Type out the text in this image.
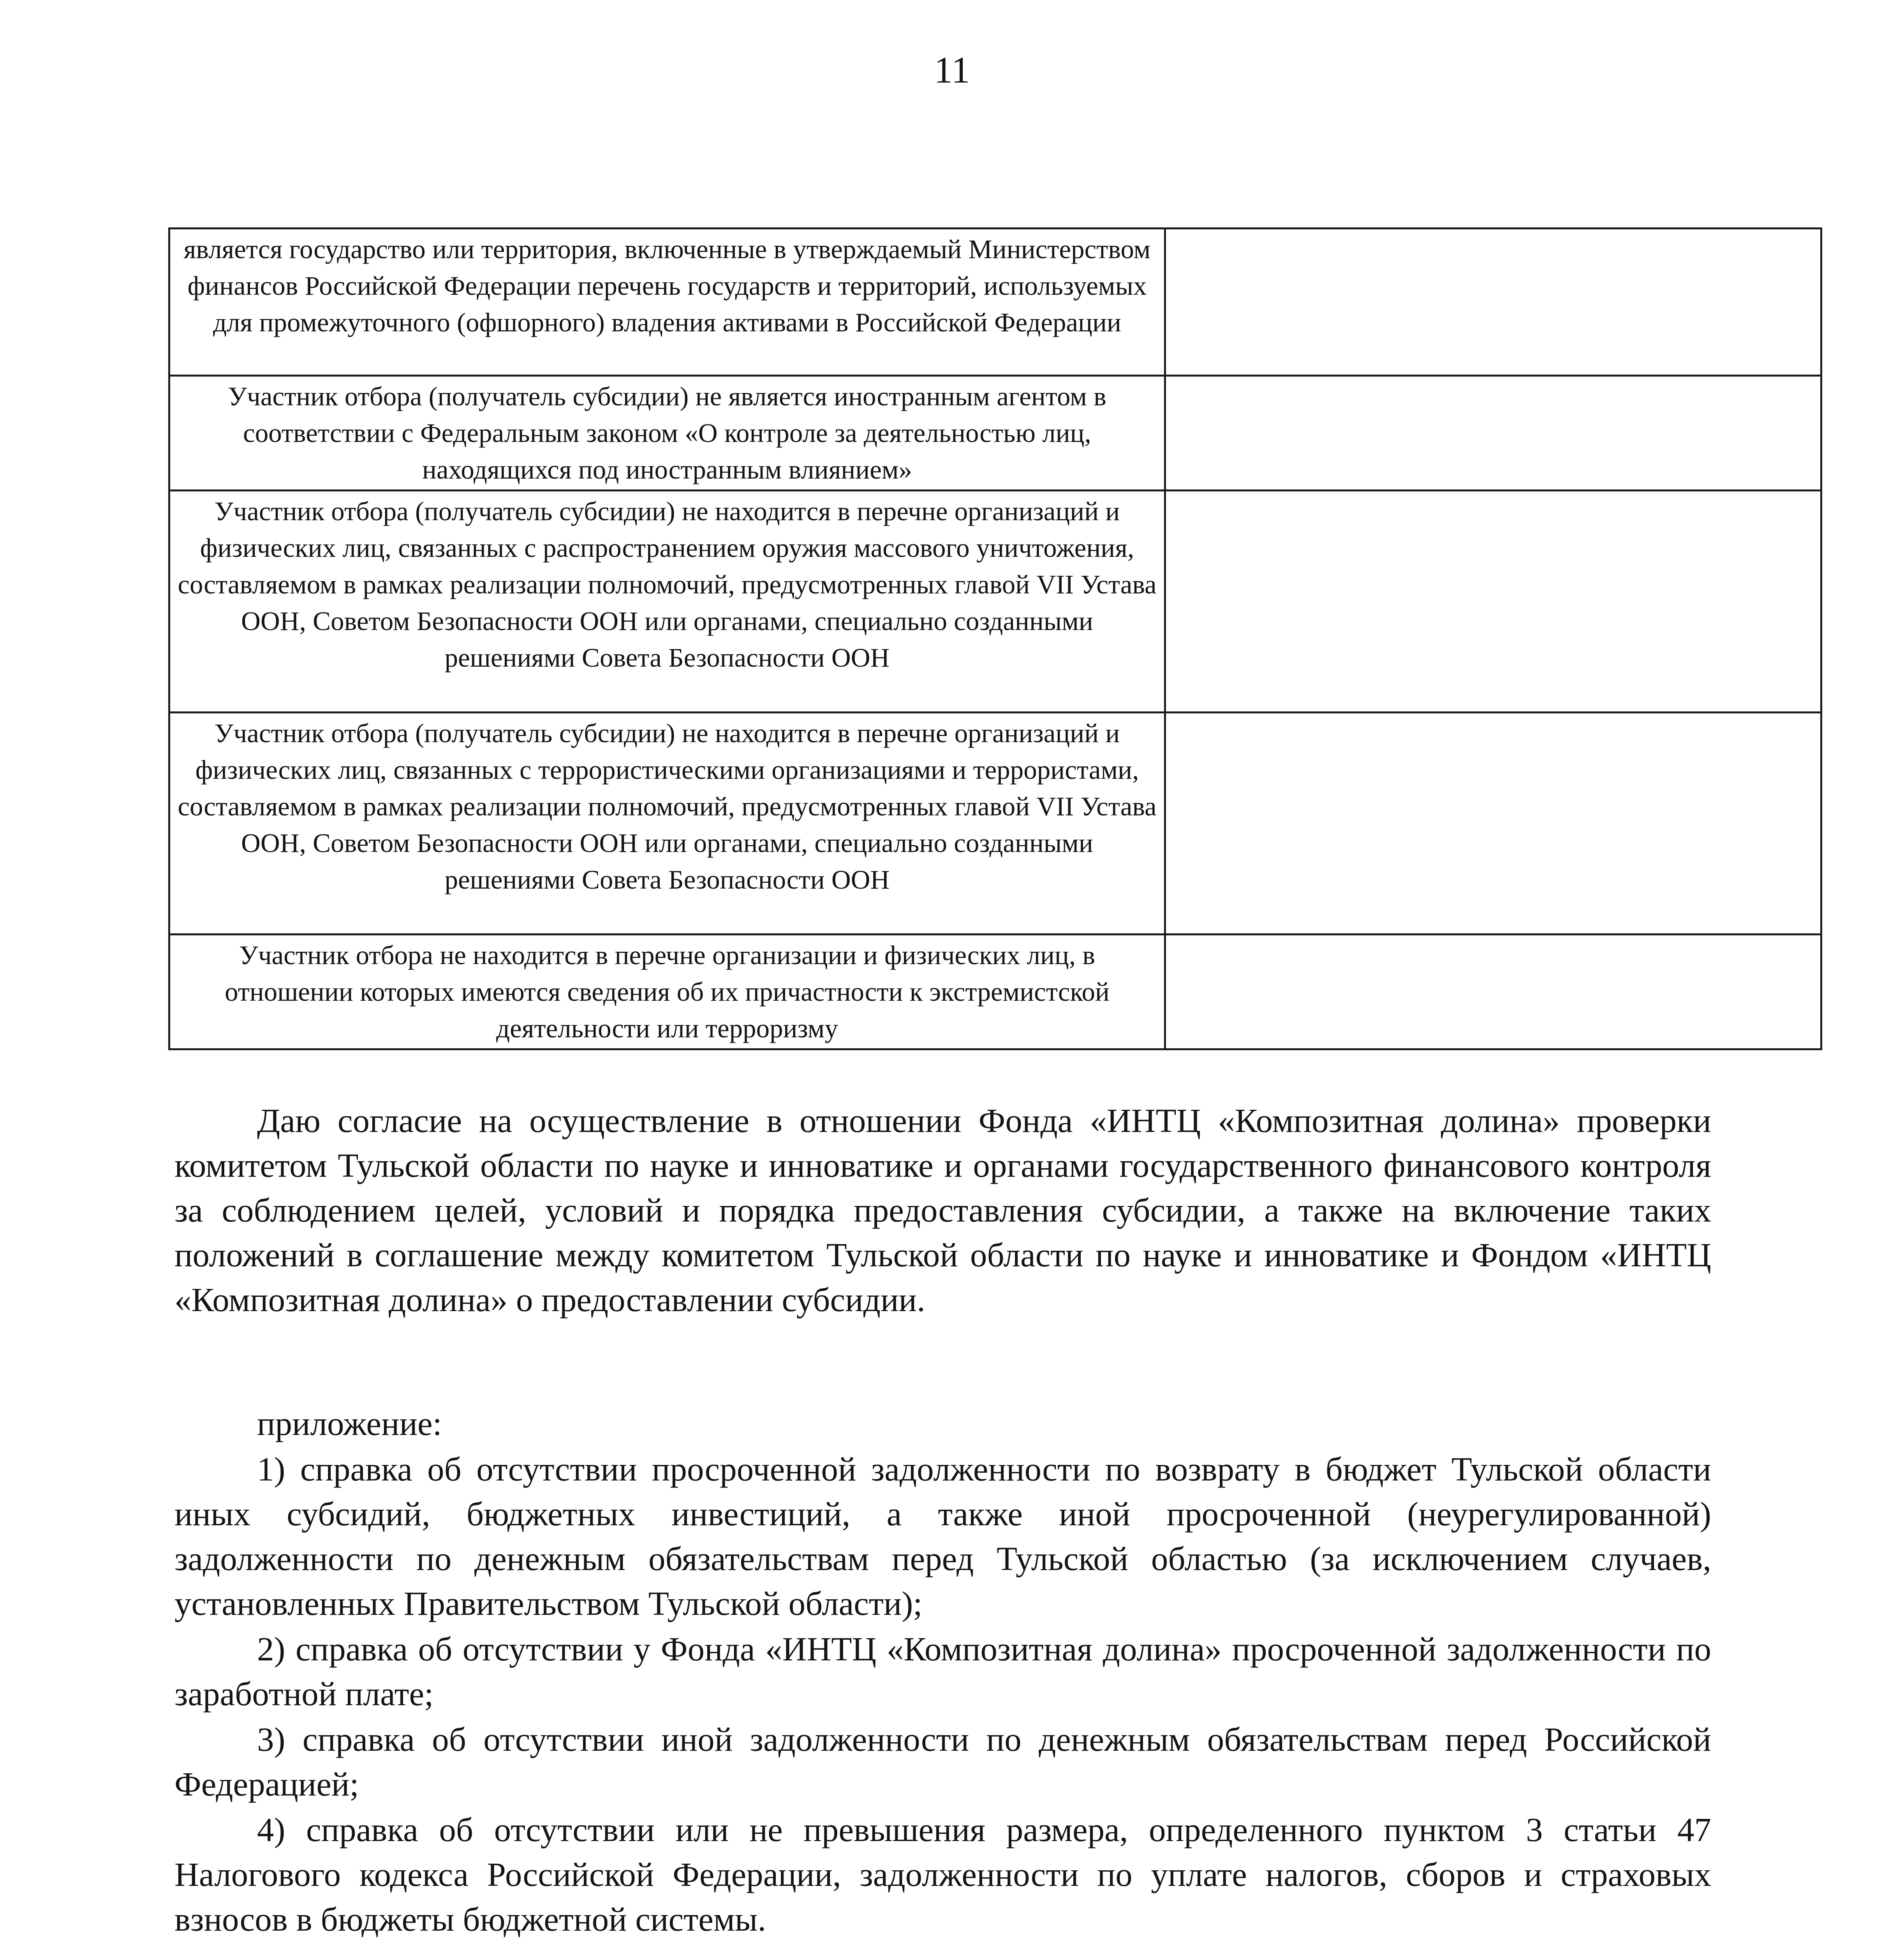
11
является государство или территория, включенные в утверждаемый Министерством финансов Российской Федерации перечень государств и территорий, используемых для промежуточного (офшорного) владения активами в Российской Федерации	
Участник отбора (получатель субсидии) не является иностранным агентом в соответствии с Федеральным законом «О контроле за деятельностью лиц, находящихся под иностранным влиянием»	
Участник отбора (получатель субсидии) не находится в перечне организаций и физических лиц, связанных с распространением оружия массового уничтожения, составляемом в рамках реализации полномочий, предусмотренных главой VII Устава ООН, Советом Безопасности ООН или органами, специально созданными решениями Совета Безопасности ООН	
Участник отбора (получатель субсидии) не находится в перечне организаций и физических лиц, связанных с террористическими организациями и террористами, составляемом в рамках реализации полномочий, предусмотренных главой VII Устава ООН, Советом Безопасности ООН или органами, специально созданными решениями Совета Безопасности ООН	
Участник отбора не находится в перечне организации и физических лиц, в отношении которых имеются сведения об их причастности к экстремистской деятельности или терроризму	

Даю согласие на осуществление в отношении Фонда «ИНТЦ «Композитная долина» проверки комитетом Тульской области по науке и инноватике и органами государственного финансового контроля за соблюдением целей, условий и порядка предоставления субсидии, а также на включение таких положений в соглашение между комитетом Тульской области по науке и инноватике и Фондом «ИНТЦ «Композитная долина» о предоставлении субсидии.

приложение:

1) справка об отсутствии просроченной задолженности по возврату в бюджет Тульской области иных субсидий, бюджетных инвестиций, а также иной просроченной (неурегулированной) задолженности по денежным обязательствам перед Тульской областью (за исключением случаев, установленных Правительством Тульской области);

2) справка об отсутствии у Фонда «ИНТЦ «Композитная долина» просроченной задолженности по заработной плате;

3) справка об отсутствии иной задолженности по денежным обязательствам перед Российской Федерацией;

4) справка об отсутствии или не превышения размера, определенного пунктом 3 статьи 47 Налогового кодекса Российской Федерации, задолженности по уплате налогов, сборов и страховых взносов в бюджеты бюджетной системы.
